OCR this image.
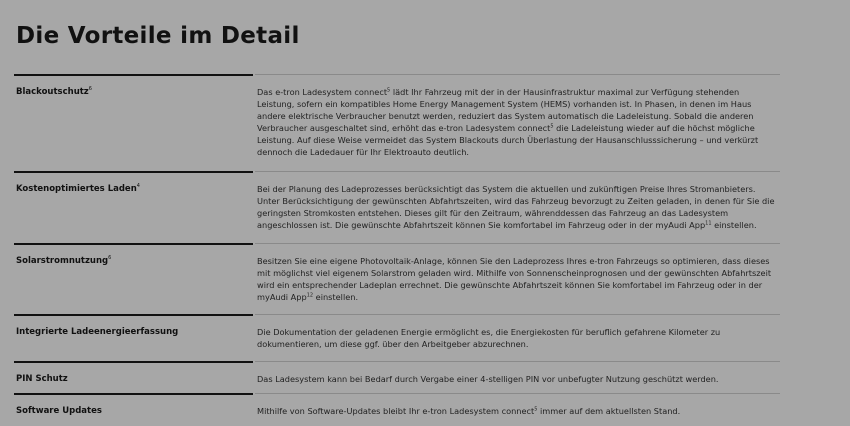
Die Vorteile im Detail
Blackoutschutz$^6$	Das e-tron Ladesystem connect$^5$ lädt Ihr Fahrzeug mit der in der Hausinfrastruktur maximal zur Verfügung stehenden Leistung, sofern ein kompatibles Home Energy Management System (HEMS) vorhanden ist. In Phasen, in denen im Haus andere elektrische Verbraucher benutzt werden, reduziert das System automatisch die Ladeleistung. Sobald die anderen Verbraucher ausgeschaltet sind, erhöht das e-tron Ladesystem connect$^5$ die Ladeleistung wieder auf die höchst mögliche Leistung. Auf diese Weise vermeidet das System Blackouts durch Überlastung der Hausanschlusssicherung – und verkürzt dennoch die Ladedauer für Ihr Elektroauto deutlich.
Kostenoptimiertes Laden$^4$	Bei der Planung des Ladeprozesses berücksichtigt das System die aktuellen und zukünftigen Preise Ihres Stromanbieters. Unter Berücksichtigung der gewünschten Abfahrtszeiten, wird das Fahrzeug bevorzugt zu Zeiten geladen, in denen für Sie die geringsten Stromkosten entstehen. Dieses gilt für den Zeitraum, währenddessen das Fahrzeug an das Ladesystem angeschlossen ist. Die gewünschte Abfahrtszeit können Sie komfortabel im Fahrzeug oder in der myAudi App$^{11}$ einstellen.
Solarstromnutzung$^6$	Besitzen Sie eine eigene Photovoltaik-Anlage, können Sie den Ladeprozess Ihres e-tron Fahrzeugs so optimieren, dass dieses mit möglichst viel eigenem Solarstrom geladen wird. Mithilfe von Sonnenscheinprognosen und der gewünschten Abfahrtszeit wird ein entsprechender Ladeplan errechnet. Die gewünschte Abfahrtszeit können Sie komfortabel im Fahrzeug oder in der myAudi App$^{12}$ einstellen.
Integrierte Ladeenergieerfassung	Die Dokumentation der geladenen Energie ermöglicht es, die Energiekosten für beruflich gefahrene Kilometer zu dokumentieren, um diese ggf. über den Arbeitgeber abzurechnen.
PIN Schutz	Das Ladesystem kann bei Bedarf durch Vergabe einer 4-stelligen PIN vor unbefugter Nutzung geschützt werden.
Software Updates	Mithilfe von Software-Updates bleibt Ihr e-tron Ladesystem connect$^5$ immer auf dem aktuellsten Stand.
